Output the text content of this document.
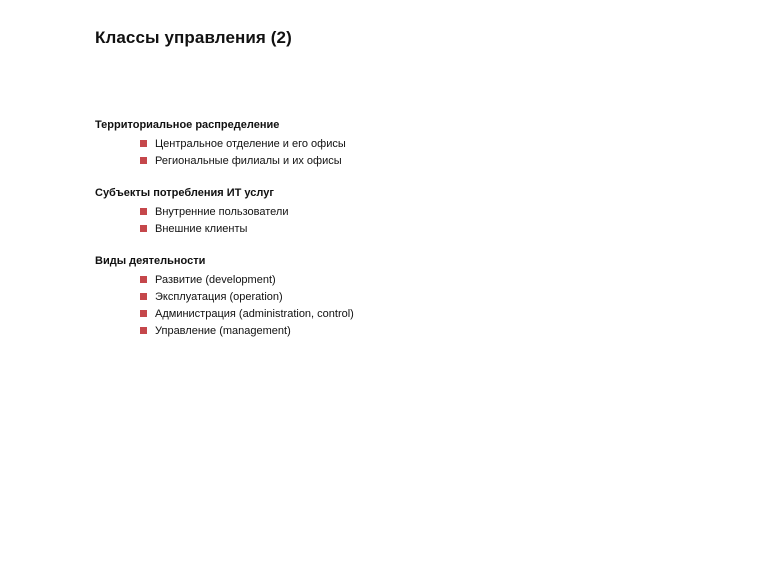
Классы управления (2)
Территориальное распределение
Центральное отделение и его офисы
Региональные филиалы и их офисы
Субъекты потребления ИТ услуг
Внутренние пользователи
Внешние клиенты
Виды деятельности
Развитие (development)
Эксплуатация (operation)
Администрация (administration, control)
Управление (management)
